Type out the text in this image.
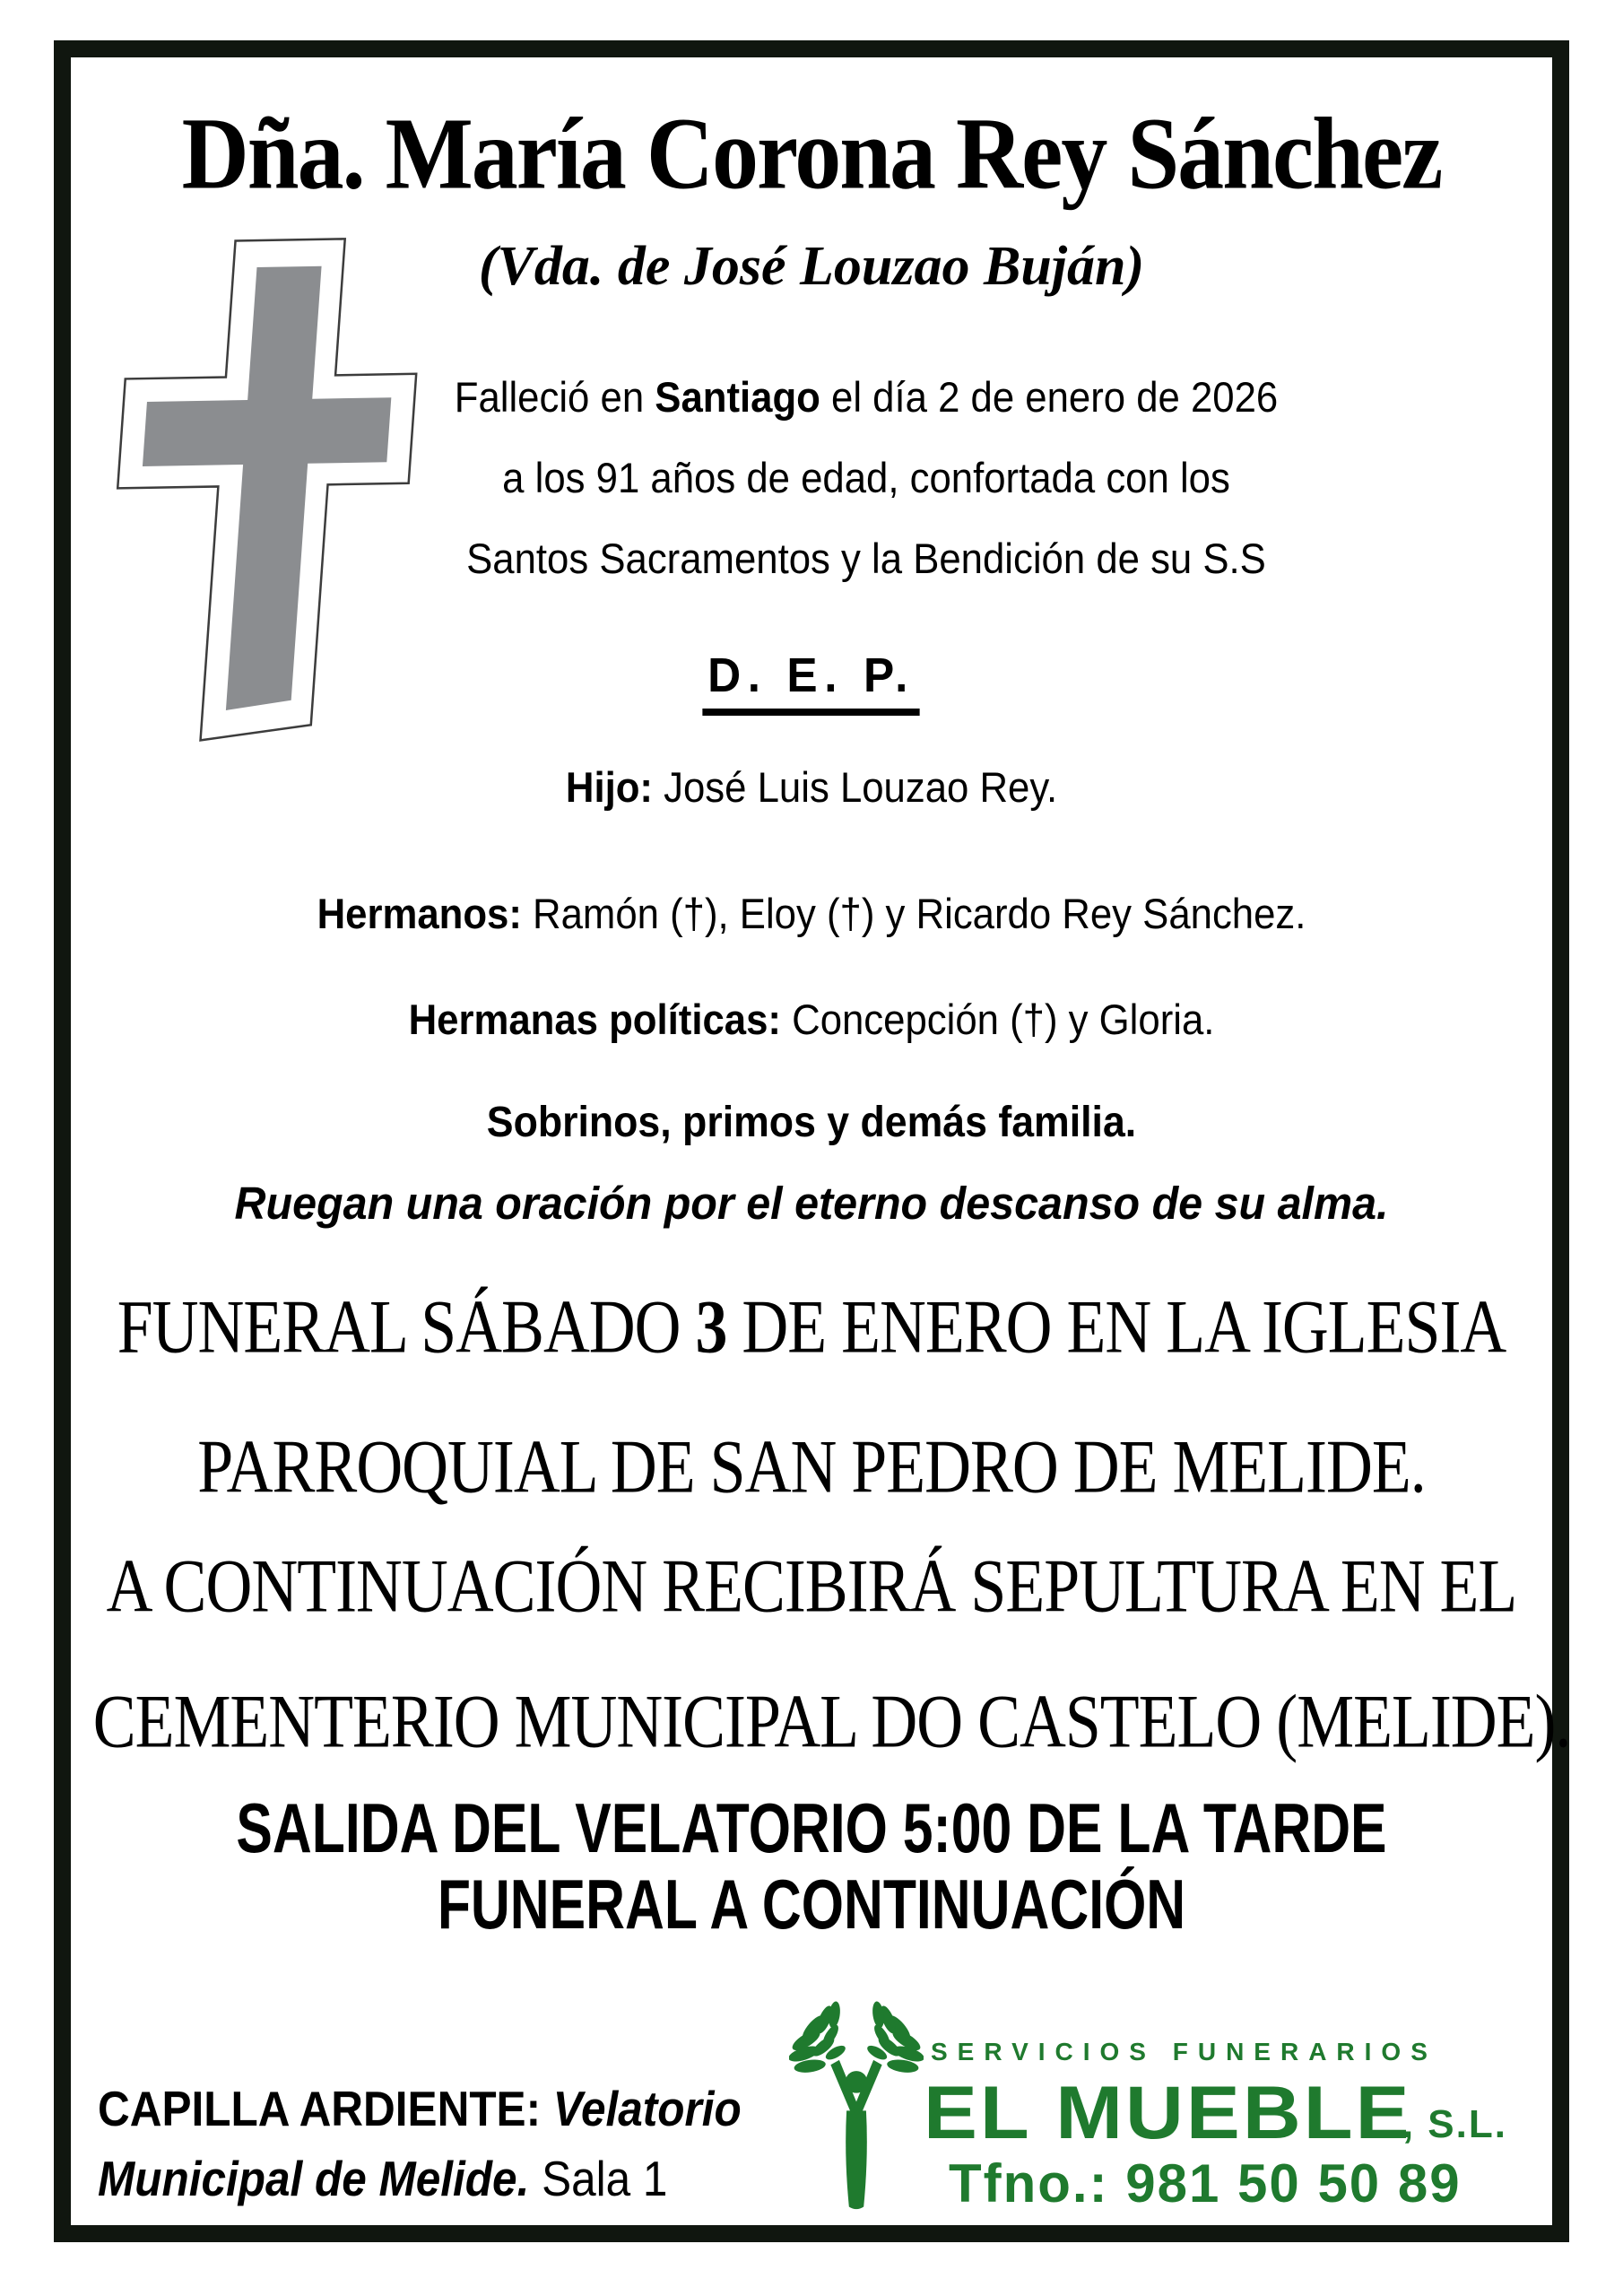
Dña. María Corona Rey Sánchez
(Vda. de José Louzao Buján)
Falleció en Santiago el día 2 de enero de 2026
a los 91 años de edad, confortada con los
Santos Sacramentos y la Bendición de su S.S
D. E. P.
Hijo: José Luis Louzao Rey.
Hermanos: Ramón (†), Eloy (†) y Ricardo Rey Sánchez.
Hermanas políticas: Concepción (†) y Gloria.
Sobrinos, primos y demás familia.
Ruegan una oración por el eterno descanso de su alma.
FUNERAL SÁBADO 3 DE ENERO EN LA IGLESIA
PARROQUIAL DE SAN PEDRO DE MELIDE.
A CONTINUACIÓN RECIBIRÁ SEPULTURA EN EL
CEMENTERIO MUNICIPAL DO CASTELO (MELIDE).
SALIDA DEL VELATORIO 5:00 DE LA TARDE
FUNERAL A CONTINUACIÓN
CAPILLA ARDIENTE: Velatorio
Municipal de Melide. Sala 1
SERVICIOS FUNERARIOS
EL MUEBLE, S.L.
Tfno.: 981 50 50 89
